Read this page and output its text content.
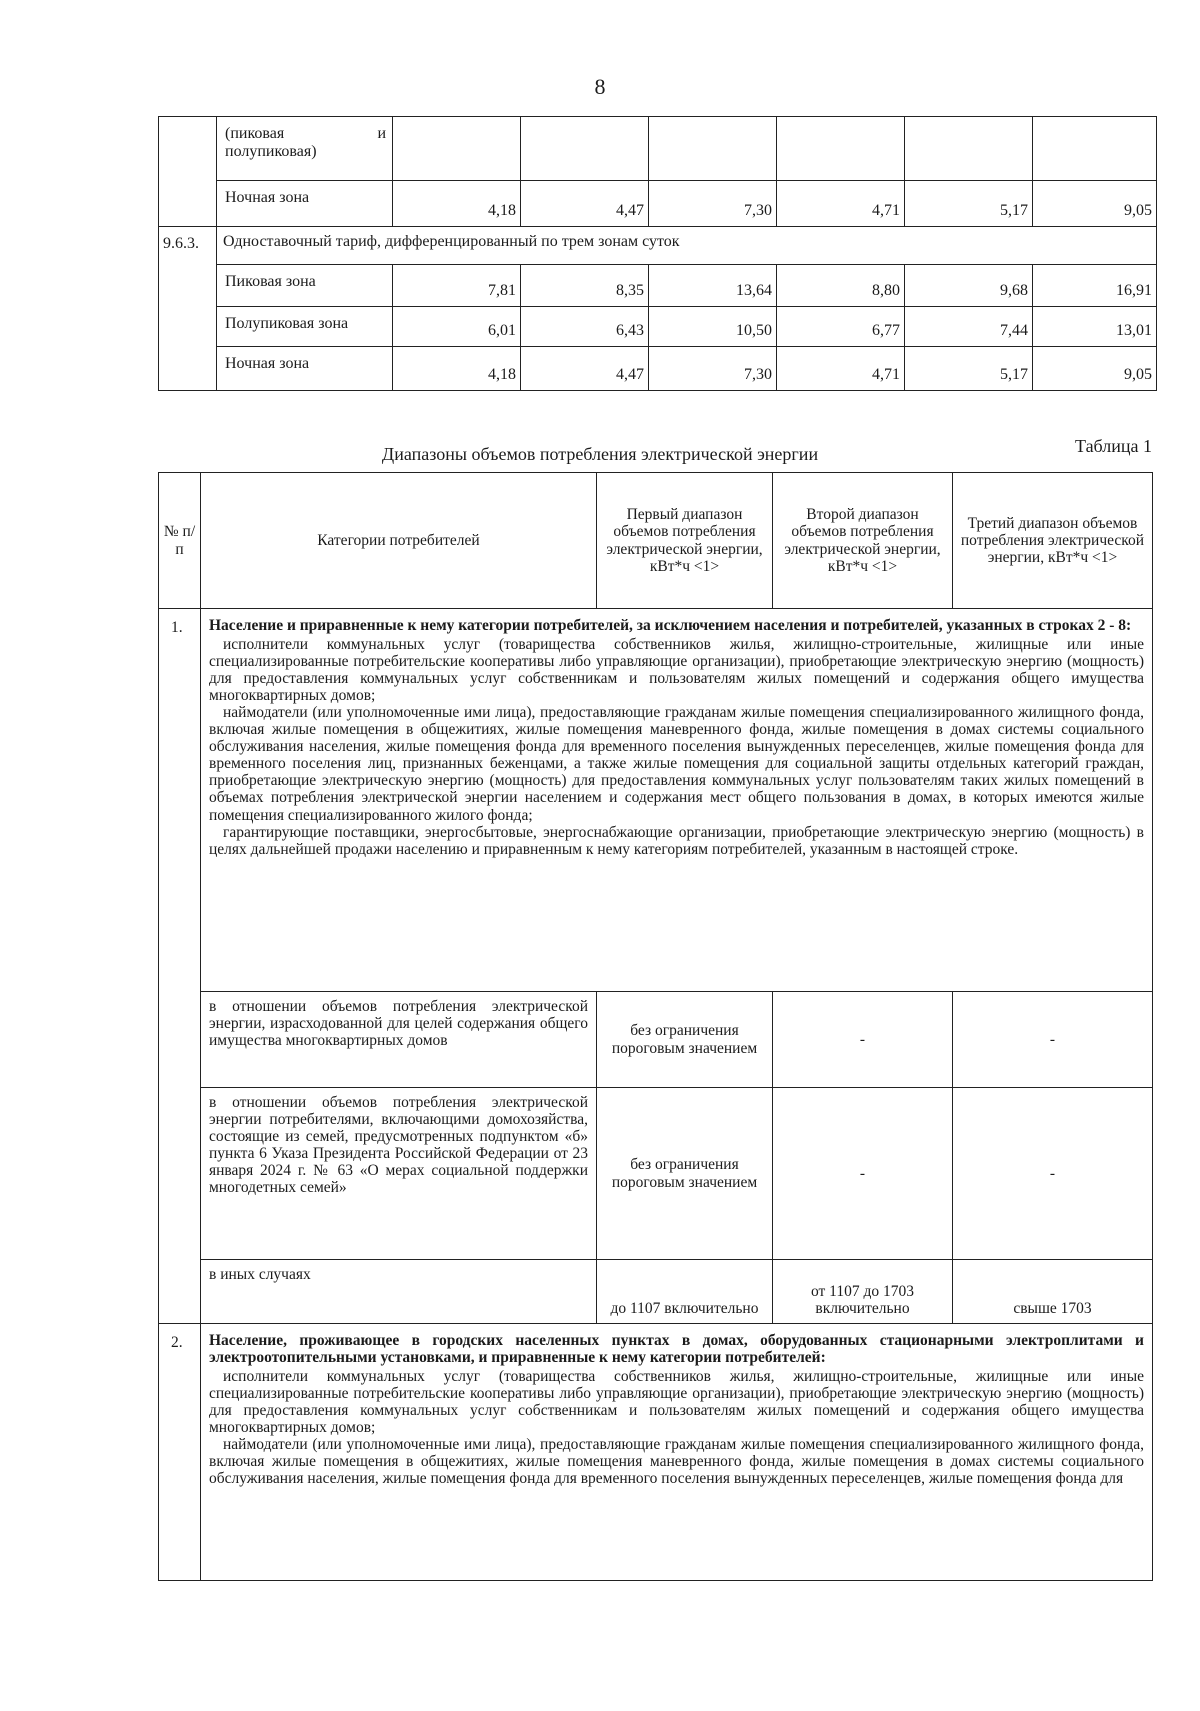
8

	(пиковая и
полупиковая)						

	Ночная зона	4,18	4,47	7,30	4,71	5,17	9,05
9.6.3.	Одноставочный тариф, дифференцированный по трем зонам суток						
	Пиковая зона	7,81	8,35	13,64	8,80	9,68	16,91
	Полупиковая зона	6,01	6,43	10,50	6,77	7,44	13,01
	Ночная зона	4,18	4,47	7,30	4,71	5,17	9,05
Таблица 1
Диапазоны объемов потребления электрической энергии
№ п/п	Категории потребителей	Первый диапазон объемов потребления электрической энергии, кВт*ч <1>	Второй диапазон объемов потребления электрической энергии, кВт*ч <1>	Третий диапазон объемов потребления электрической энергии, кВт*ч <1>
1.	Население и приравненные к нему категории потребителей, за исключением населения и потребителей, указанных в строках 2 - 8:

исполнители коммунальных услуг (товарищества собственников жилья, жилищно-строительные, жилищные или иные специализированные потребительские кооперативы либо управляющие организации), приобретающие электрическую энергию (мощность) для предоставления коммунальных услуг собственникам и пользователям жилых помещений и содержания общего имущества многоквартирных домов;

наймодатели (или уполномоченные ими лица), предоставляющие гражданам жилые помещения специализированного жилищного фонда, включая жилые помещения в общежитиях, жилые помещения маневренного фонда, жилые помещения в домах системы социального обслуживания населения, жилые помещения фонда для временного поселения вынужденных переселенцев, жилые помещения фонда для временного поселения лиц, признанных беженцами, а также жилые помещения для социальной защиты отдельных категорий граждан, приобретающие электрическую энергию (мощность) для предоставления коммунальных услуг пользователям таких жилых помещений в объемах потребления электрической энергии населением и содержания мест общего пользования в домах, в которых имеются жилые помещения специализированного жилого фонда;

гарантирующие поставщики, энергосбытовые, энергоснабжающие организации, приобретающие электрическую энергию (мощность) в целях дальнейшей продажи населению и приравненным к нему категориям потребителей, указанным в настоящей строке.			

	в отношении объемов потребления электрической энергии, израсходованной для целей содержания общего имущества многоквартирных домов	без ограничения пороговым значением	-	-
	в отношении объемов потребления электрической энергии потребителями, включающими домохозяйства, состоящие из семей, предусмотренных подпунктом «б» пункта 6 Указа Президента Российской Федерации от 23 января 2024 г. № 63 «О мерах социальной поддержки многодетных семей»	без ограничения пороговым значением	-	-
	в иных случаях	до 1107 включительно	от 1107 до 1703 включительно	свыше 1703
2.	Население, проживающее в городских населенных пунктах в домах, оборудованных стационарными электроплитами и электроотопительными установками, и приравненные к нему категории потребителей:

исполнители коммунальных услуг (товарищества собственников жилья, жилищно-строительные, жилищные или иные специализированные потребительские кооперативы либо управляющие организации), приобретающие электрическую энергию (мощность) для предоставления коммунальных услуг собственникам и пользователям жилых помещений и содержания общего имущества многоквартирных домов;

наймодатели (или уполномоченные ими лица), предоставляющие гражданам жилые помещения специализированного жилищного фонда, включая жилые помещения в общежитиях, жилые помещения маневренного фонда, жилые помещения в домах системы социального обслуживания населения, жилые помещения фонда для временного поселения вынужденных переселенцев, жилые помещения фонда для			
